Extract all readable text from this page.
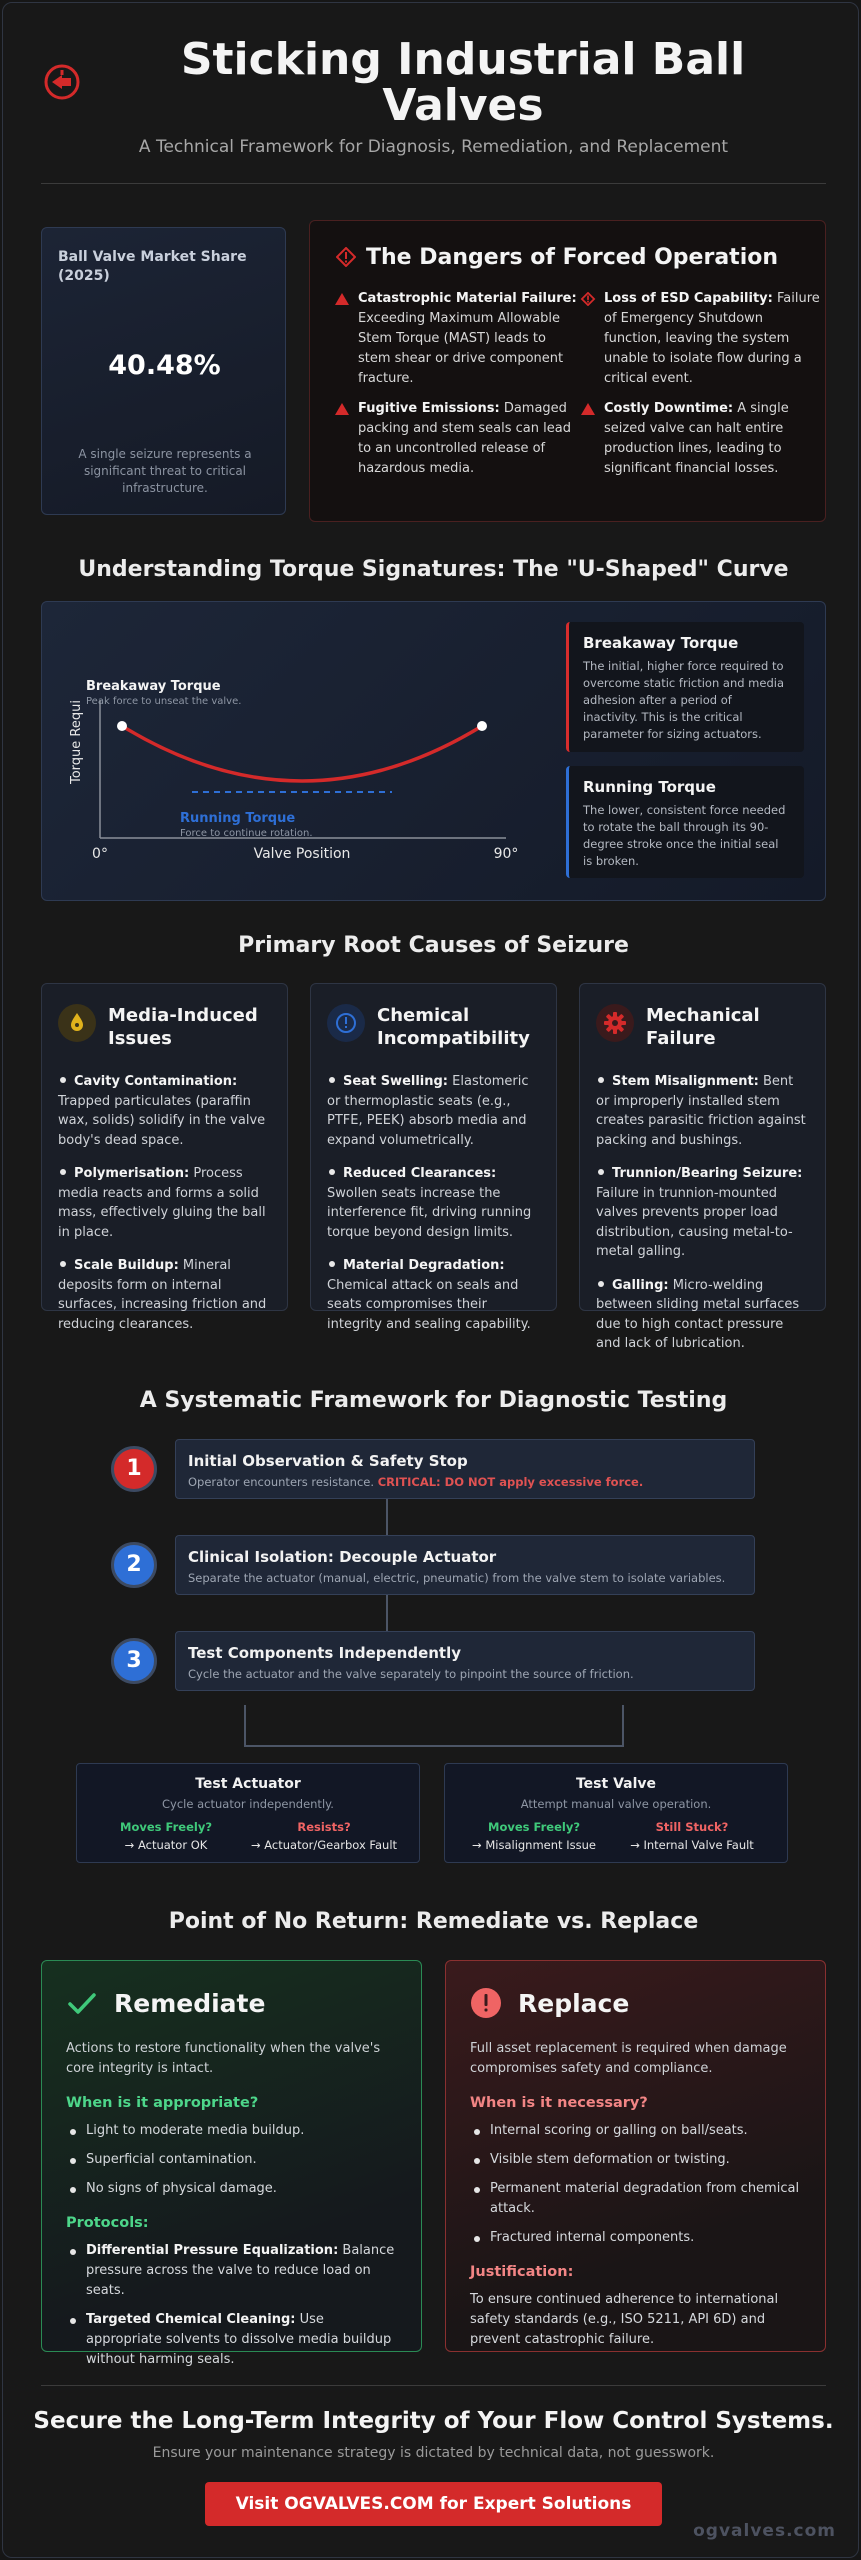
Sticking Industrial Ball Valves
A Technical Framework for Diagnosis, Remediation, and Replacement
Ball Valve Market Share (2025)
40.48%
A single seizure represents a significant threat to critical infrastructure.
The Dangers of Forced Operation
Catastrophic Material Failure: Exceeding Maximum Allowable Stem Torque (MAST) leads to stem shear or drive component fracture.
Loss of ESD Capability: Failure of Emergency Shutdown function, leaving the system unable to isolate flow during a critical event.
Fugitive Emissions: Damaged packing and stem seals can lead to an uncontrolled release of hazardous media.
Costly Downtime: A single seized valve can halt entire production lines, leading to significant financial losses.
Understanding Torque Signatures: The "U-Shaped" Curve
Torque Requi
Breakaway Torque
Peak force to unseat the valve.
Running Torque
Force to continue rotation.
0°	Valve Position	90°
Breakaway Torque

The initial, higher force required to overcome static friction and media adhesion after a period of inactivity. This is the critical parameter for sizing actuators.

Running Torque

The lower, consistent force needed to rotate the ball through its 90-degree stroke once the initial seal is broken.

Primary Root Causes of Seizure
Media-Induced Issues
Cavity Contamination: Trapped particulates (paraffin wax, solids) solidify in the valve body's dead space.
Polymerisation: Process media reacts and forms a solid mass, effectively gluing the ball in place.
Scale Buildup: Mineral deposits form on internal surfaces, increasing friction and reducing clearances.
Chemical Incompatibility
Seat Swelling: Elastomeric or thermoplastic seats (e.g., PTFE, PEEK) absorb media and expand volumetrically.
Reduced Clearances: Swollen seats increase the interference fit, driving running torque beyond design limits.
Material Degradation: Chemical attack on seals and seats compromises their integrity and sealing capability.
Mechanical Failure
Stem Misalignment: Bent or improperly installed stem creates parasitic friction against packing and bushings.
Trunnion/Bearing Seizure: Failure in trunnion-mounted valves prevents proper load distribution, causing metal-to-metal galling.
Galling: Micro-welding between sliding metal surfaces due to high contact pressure and lack of lubrication.
A Systematic Framework for Diagnostic Testing
1	Initial Observation & Safety Stop

Operator encounters resistance. CRITICAL: DO NOT apply excessive force.

2	Clinical Isolation: Decouple Actuator

Separate the actuator (manual, electric, pneumatic) from the valve stem to isolate variables.

3	Test Components Independently

Cycle the actuator and the valve separately to pinpoint the source of friction.

Test Actuator
Cycle actuator independently.
Moves Freely?
→ Actuator OK
Resists?
→ Actuator/Gearbox Fault
Test Valve
Attempt manual valve operation.
Moves Freely?
→ Misalignment Issue
Still Stuck?
→ Internal Valve Fault
Point of No Return: Remediate vs. Replace
Remediate
Actions to restore functionality when the valve's core integrity is intact.
When is it appropriate?
Light to moderate media buildup.
Superficial contamination.
No signs of physical damage.
Protocols:
Differential Pressure Equalization: Balance pressure across the valve to reduce load on seats.
Targeted Chemical Cleaning: Use appropriate solvents to dissolve media buildup without harming seals.
Replace
Full asset replacement is required when damage compromises safety and compliance.
When is it necessary?
Internal scoring or galling on ball/seats.
Visible stem deformation or twisting.
Permanent material degradation from chemical attack.
Fractured internal components.
Justification:
To ensure continued adherence to international safety standards (e.g., ISO 5211, API 6D) and prevent catastrophic failure.
Secure the Long-Term Integrity of Your Flow Control Systems.
Ensure your maintenance strategy is dictated by technical data, not guesswork.
Visit OGVALVES.COM for Expert Solutions
ogvalves.com
